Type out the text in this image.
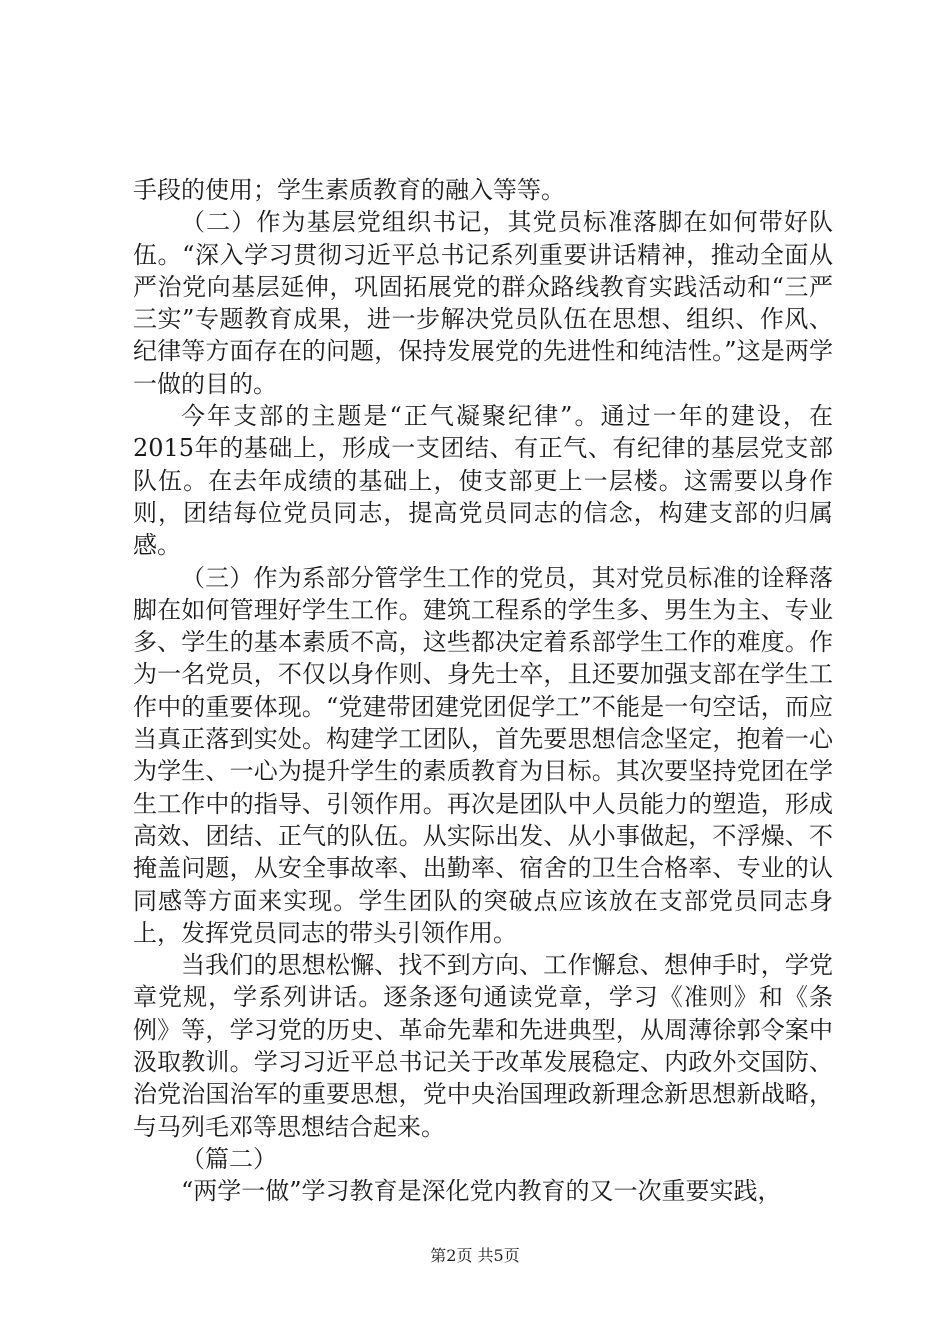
手段的使用；学生素质教育的融入等等。

（二）作为基层党组织书记，其党员标准落脚在如何带好队伍。“深入学习贯彻习近平总书记系列重要讲话精神，推动全面从严治党向基层延伸，巩固拓展党的群众路线教育实践活动和“三严三实”专题教育成果，进一步解决党员队伍在思想、组织、作风、纪律等方面存在的问题，保持发展党的先进性和纯洁性。”这是两学一做的目的。

今年支部的主题是“正气凝聚纪律”。通过一年的建设，在2015年的基础上，形成一支团结、有正气、有纪律的基层党支部队伍。在去年成绩的基础上，使支部更上一层楼。这需要以身作则，团结每位党员同志，提高党员同志的信念，构建支部的归属感。

（三）作为系部分管学生工作的党员，其对党员标准的诠释落脚在如何管理好学生工作。建筑工程系的学生多、男生为主、专业多、学生的基本素质不高，这些都决定着系部学生工作的难度。作为一名党员，不仅以身作则、身先士卒，且还要加强支部在学生工作中的重要体现。“党建带团建党团促学工”不能是一句空话，而应当真正落到实处。构建学工团队，首先要思想信念坚定，抱着一心为学生、一心为提升学生的素质教育为目标。其次要坚持党团在学生工作中的指导、引领作用。再次是团队中人员能力的塑造，形成高效、团结、正气的队伍。从实际出发、从小事做起，不浮燥、不掩盖问题，从安全事故率、出勤率、宿舍的卫生合格率、专业的认同感等方面来实现。学生团队的突破点应该放在支部党员同志身上，发挥党员同志的带头引领作用。

当我们的思想松懈、找不到方向、工作懈怠、想伸手时，学党章党规，学系列讲话。逐条逐句通读党章，学习《准则》和《条例》等，学习党的历史、革命先辈和先进典型，从周薄徐郭令案中汲取教训。学习习近平总书记关于改革发展稳定、内政外交国防、治党治国治军的重要思想，党中央治国理政新理念新思想新战略，与马列毛邓等思想结合起来。

（篇二）

“两学一做”学习教育是深化党内教育的又一次重要实践，

第2页 共5页
